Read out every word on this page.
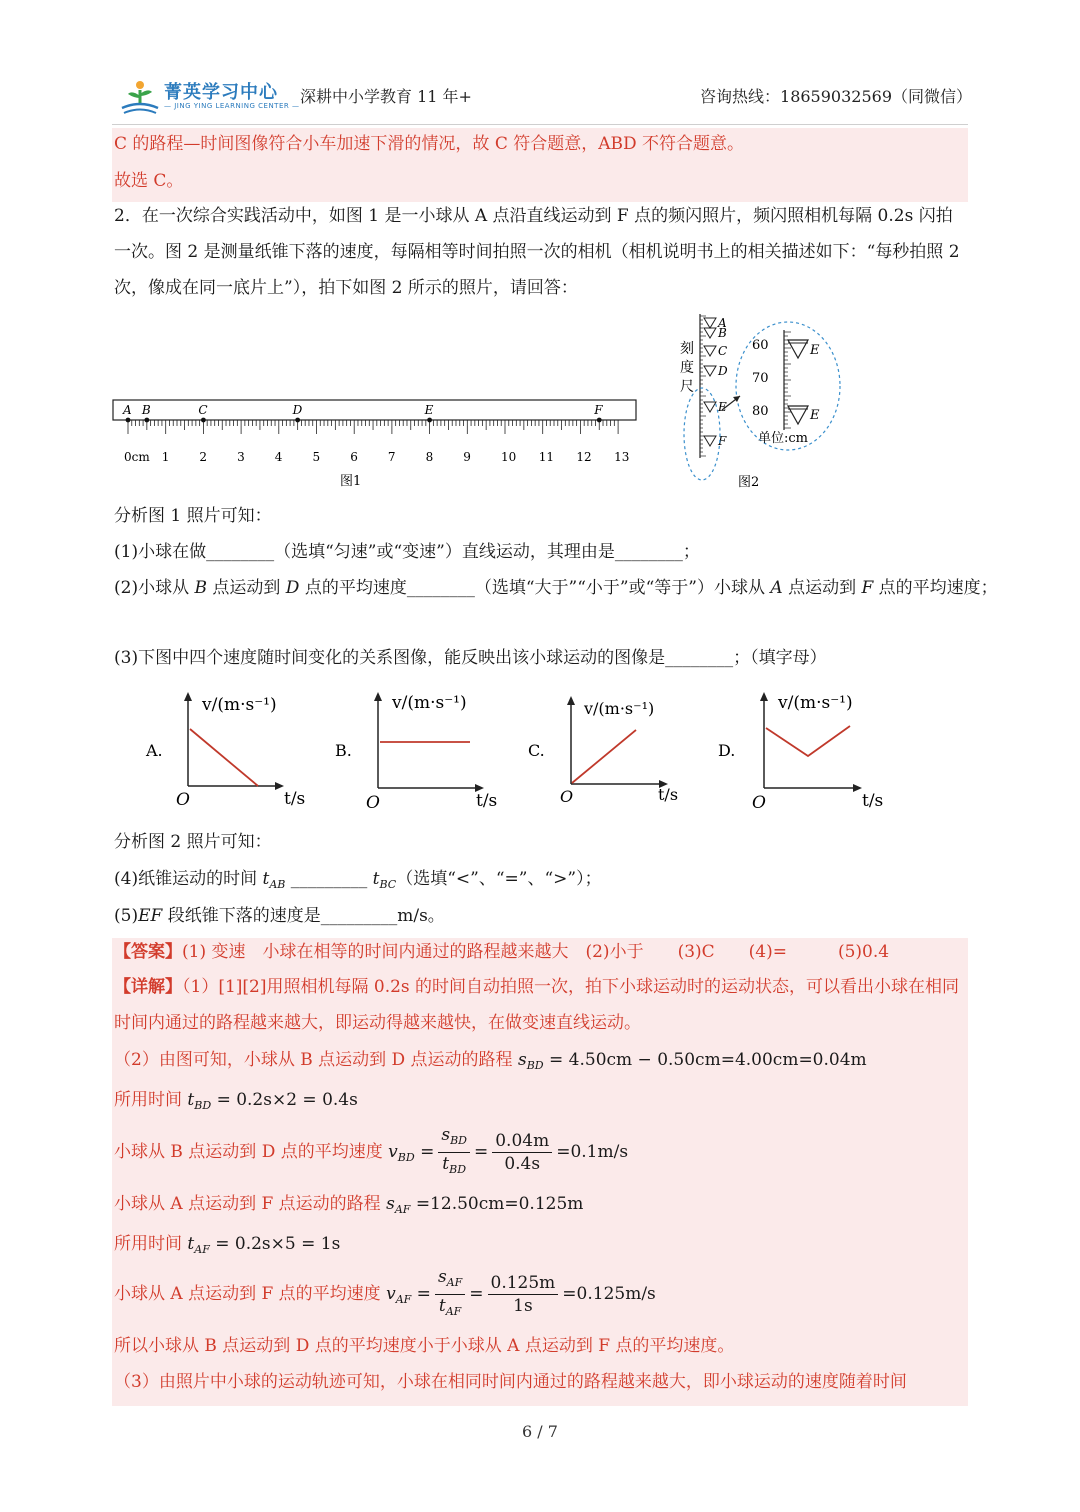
菁英学习中心
— JING YING LEARNING CENTER — 深耕中小学教育 11 年+	咨询热线：18659032569（同微信）
C 的路程—时间图像符合小车加速下滑的情况，故 C 符合题意，ABD 不符合题意。
故选 C。
2．在一次综合实践活动中，如图 1 是一小球从 A 点沿直线运动到 F 点的频闪照片，频闪照相机每隔 0.2s 闪拍一次。图 2 是测量纸锥下落的速度，每隔相等时间拍照一次的相机（相机说明书上的相关描述如下：“每秒拍照 2 次，像成在同一底片上”），拍下如图 2 所示的照片，请回答：
A B	C	D	E	F
0cm 1	2	3	4	5	6	7	8	9	10 11 12 13
图1
刻
度
尺
A
B
C
D
E
F
60
70
80
E
E
单位:cm
图2
分析图 1 照片可知：
(1)小球在做________（选填“匀速”或“变速”）直线运动，其理由是________；
(2)小球从 B 点运动到 D 点的平均速度________（选填“大于”“小于”或“等于”）小球从 A 点运动到 F 点的平均速度；
(3)下图中四个速度随时间变化的关系图像，能反映出该小球运动的图像是________；（填字母）
A.
v/(m·s⁻¹)
O	t/s
B.
v/(m·s⁻¹)
O	t/s
C.
v/(m·s⁻¹)
O	t/s
D.
v/(m·s⁻¹)
O	t/s
分析图 2 照片可知：
(4)纸锥运动的时间 $t_{AB}$ _________ $t_{BC}$（选填“<”、“=”、“>”）；
(5)EF 段纸锥下落的速度是_________m/s。
【答案】(1) 变速　小球在相等的时间内通过的路程越来越大　(2)小于　　(3)C　　(4)=　　　(5)0.4
【详解】（1）[1][2]用照相机每隔 0.2s 的时间自动拍照一次，拍下小球运动时的运动状态，可以看出小球在相同时间内通过的路程越来越大，即运动得越来越快，在做变速直线运动。
（2）由图可知，小球从 B 点运动到 D 点运动的路程 $s_{BD} = 4.50cm - 0.50cm=4.00cm=0.04m$
所用时间 $t_{BD} = 0.2s\times 2 = 0.4s$
小球从 B 点运动到 D 点的平均速度 $v_{BD} = \frac{s_{BD}}{t_{BD}} = \frac{0.04m}{0.4s} =0.1m/s$
小球从 A 点运动到 F 点运动的路程 $s_{AF} =12.50cm=0.125m$
所用时间 $t_{AF} = 0.2s\times 5 = 1s$
小球从 A 点运动到 F 点的平均速度 $v_{AF} = \frac{s_{AF}}{t_{AF}} = \frac{0.125m}{1s} =0.125m/s$
所以小球从 B 点运动到 D 点的平均速度小于小球从 A 点运动到 F 点的平均速度。
（3）由照片中小球的运动轨迹可知，小球在相同时间内通过的路程越来越大，即小球运动的速度随着时间
6 / 7
